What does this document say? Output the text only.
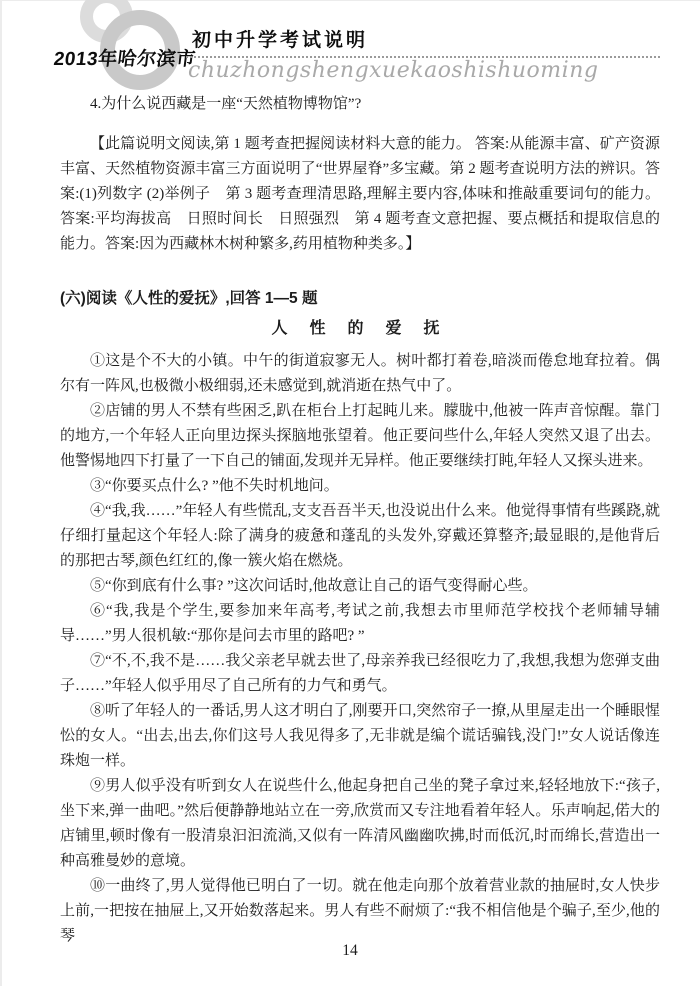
2013年哈尔滨市
初中升学考试说明
chuzhongshengxuekaoshishuoming

4.为什么说西藏是一座“天然植物博物馆”?

【此篇说明文阅读,第 1 题考查把握阅读材料大意的能力。 答案:从能源丰富、矿产资源丰富、天然植物资源丰富三方面说明了“世界屋脊”多宝藏。第 2 题考查说明方法的辨识。答案:(1)列数字 (2)举例子　第 3 题考查理清思路,理解主要内容,体味和推敲重要词句的能力。答案:平均海拔高　日照时间长　日照强烈　第 4 题考查文意把握、要点概括和提取信息的能力。答案:因为西藏林木树种繁多,药用植物种类多。】

(六)阅读《人性的爱抚》,回答 1—5 题

人 性 的 爱 抚

①这是个不大的小镇。中午的街道寂寥无人。树叶都打着卷,暗淡而倦怠地耷拉着。偶尔有一阵风,也极微小极细弱,还未感觉到,就消逝在热气中了。

②店铺的男人不禁有些困乏,趴在柜台上打起盹儿来。朦胧中,他被一阵声音惊醒。靠门的地方,一个年轻人正向里边探头探脑地张望着。他正要问些什么,年轻人突然又退了出去。他警惕地四下打量了一下自己的铺面,发现并无异样。他正要继续打盹,年轻人又探头进来。

③“你要买点什么? ”他不失时机地问。

④“我,我……”年轻人有些慌乱,支支吾吾半天,也没说出什么来。他觉得事情有些蹊跷,就仔细打量起这个年轻人:除了满身的疲惫和蓬乱的头发外,穿戴还算整齐;最显眼的,是他背后的那把古琴,颜色红红的,像一簇火焰在燃烧。

⑤“你到底有什么事? ”这次问话时,他故意让自己的语气变得耐心些。

⑥“我,我是个学生,要参加来年高考,考试之前,我想去市里师范学校找个老师辅导辅导……”男人很机敏:“那你是问去市里的路吧? ”

⑦“不,不,我不是……我父亲老早就去世了,母亲养我已经很吃力了,我想,我想为您弹支曲子……”年轻人似乎用尽了自己所有的力气和勇气。

⑧听了年轻人的一番话,男人这才明白了,刚要开口,突然帘子一撩,从里屋走出一个睡眼惺忪的女人。“出去,出去,你们这号人我见得多了,无非就是编个谎话骗钱,没门!”女人说话像连珠炮一样。

⑨男人似乎没有听到女人在说些什么,他起身把自己坐的凳子拿过来,轻轻地放下:“孩子,坐下来,弹一曲吧。”然后便静静地站立在一旁,欣赏而又专注地看着年轻人。乐声响起,偌大的店铺里,顿时像有一股清泉汩汩流淌,又似有一阵清风幽幽吹拂,时而低沉,时而绵长,营造出一种高雅曼妙的意境。

⑩一曲终了,男人觉得他已明白了一切。就在他走向那个放着营业款的抽屉时,女人快步上前,一把按在抽屉上,又开始数落起来。男人有些不耐烦了:“我不相信他是个骗子,至少,他的琴

14
